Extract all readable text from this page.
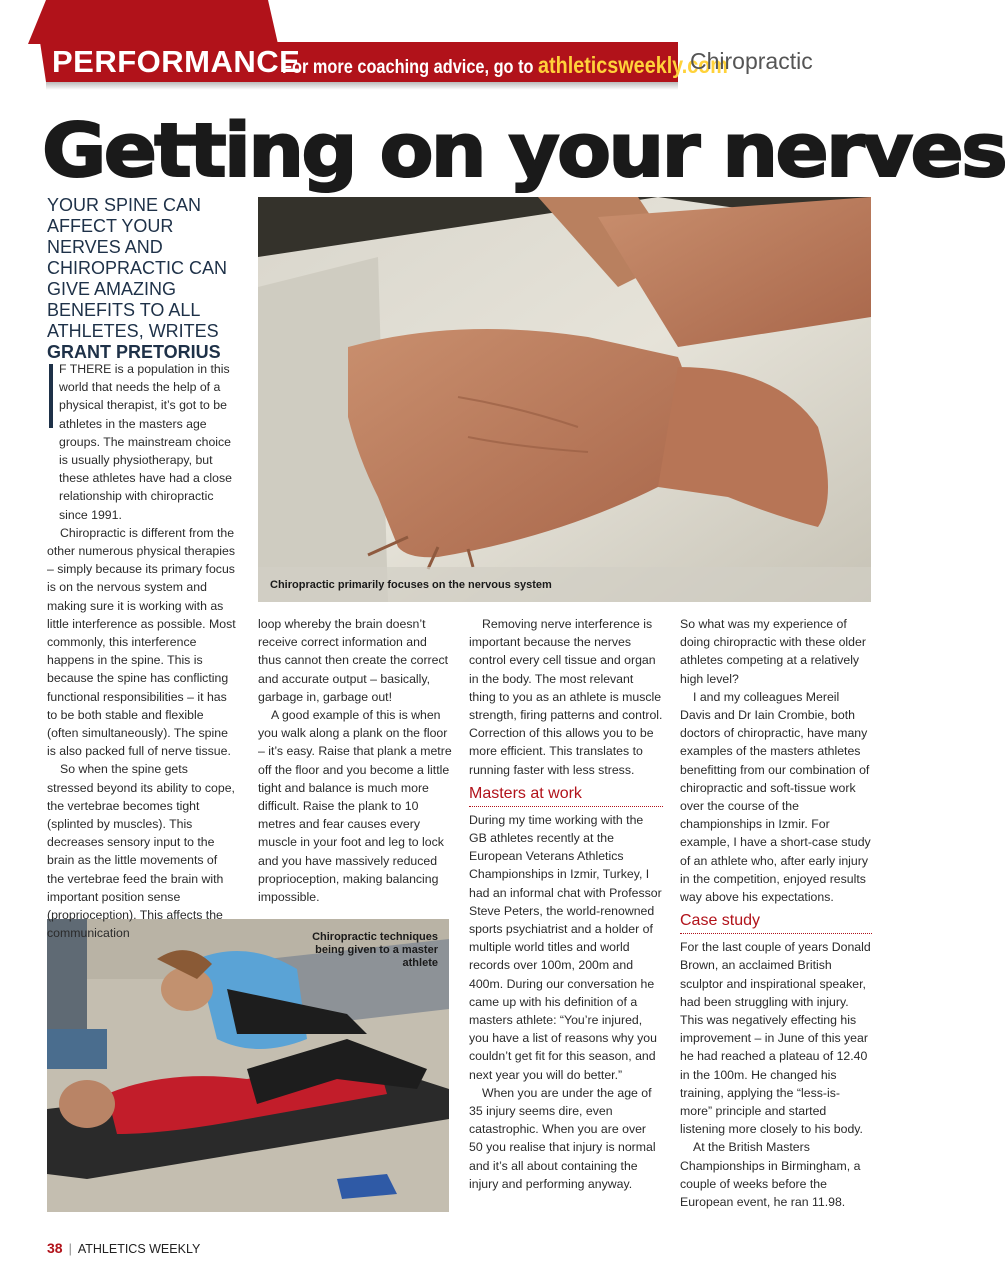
PERFORMANCE
For more coaching advice, go to athleticsweekly.com
Chiropractic
Getting on your nerves
YOUR SPINE CAN AFFECT YOUR NERVES AND CHIROPRACTIC CAN GIVE AMAZING BENEFITS TO ALL ATHLETES, WRITES
GRANT PRETORIUS
Chiropractic primarily focuses on the nervous system
Chiropractic techniques being given to a master athlete

F THERE is a population in this world that needs the help of a physical therapist, it’s got to be athletes in the masters age groups. The mainstream choice is usually physiotherapy, but these athletes have had a close relationship with chiropractic since 1991.

Chiropractic is different from the other numerous physical therapies – simply because its primary focus is on the nervous system and making sure it is working with as little interference as possible. Most commonly, this interference happens in the spine. This is because the spine has conflicting functional responsibilities – it has to be both stable and flexible (often simultaneously). The spine is also packed full of nerve tissue.

So when the spine gets stressed beyond its ability to cope, the vertebrae becomes tight (splinted by muscles). This decreases sensory input to the brain as the little movements of the vertebrae feed the brain with important position sense (proprioception). This affects the communication

loop whereby the brain doesn’t receive correct information and thus cannot then create the correct and accurate output – basically, garbage in, garbage out!

A good example of this is when you walk along a plank on the floor – it’s easy. Raise that plank a metre off the floor and you become a little tight and balance is much more difficult. Raise the plank to 10 metres and fear causes every muscle in your foot and leg to lock and you have massively reduced proprioception, making balancing impossible.

Removing nerve interference is important because the nerves control every cell tissue and organ in the body. The most relevant thing to you as an athlete is muscle strength, firing patterns and control. Correction of this allows you to be more efficient. This translates to running faster with less stress.

Masters at work

During my time working with the GB athletes recently at the European Veterans Athletics Championships in Izmir, Turkey, I had an informal chat with Professor Steve Peters, the world-renowned sports psychiatrist and a holder of multiple world titles and world records over 100m, 200m and 400m. During our conversation he came up with his definition of a masters athlete: “You’re injured, you have a list of reasons why you couldn’t get fit for this season, and next year you will do better.”

When you are under the age of 35 injury seems dire, even catastrophic. When you are over 50 you realise that injury is normal and it’s all about containing the injury and performing anyway.

So what was my experience of doing chiropractic with these older athletes competing at a relatively high level?

I and my colleagues Mereil Davis and Dr Iain Crombie, both doctors of chiropractic, have many examples of the masters athletes benefitting from our combination of chiropractic and soft-tissue work over the course of the championships in Izmir. For example, I have a short-case study of an athlete who, after early injury in the competition, enjoyed results way above his expectations.

Case study

For the last couple of years Donald Brown, an acclaimed British sculptor and inspirational speaker, had been struggling with injury. This was negatively effecting his improvement – in June of this year he had reached a plateau of 12.40 in the 100m. He changed his training, applying the “less-is-more” principle and started listening more closely to his body.

At the British Masters Championships in Birmingham, a couple of weeks before the European event, he ran 11.98.

38 | ATHLETICS WEEKLY
